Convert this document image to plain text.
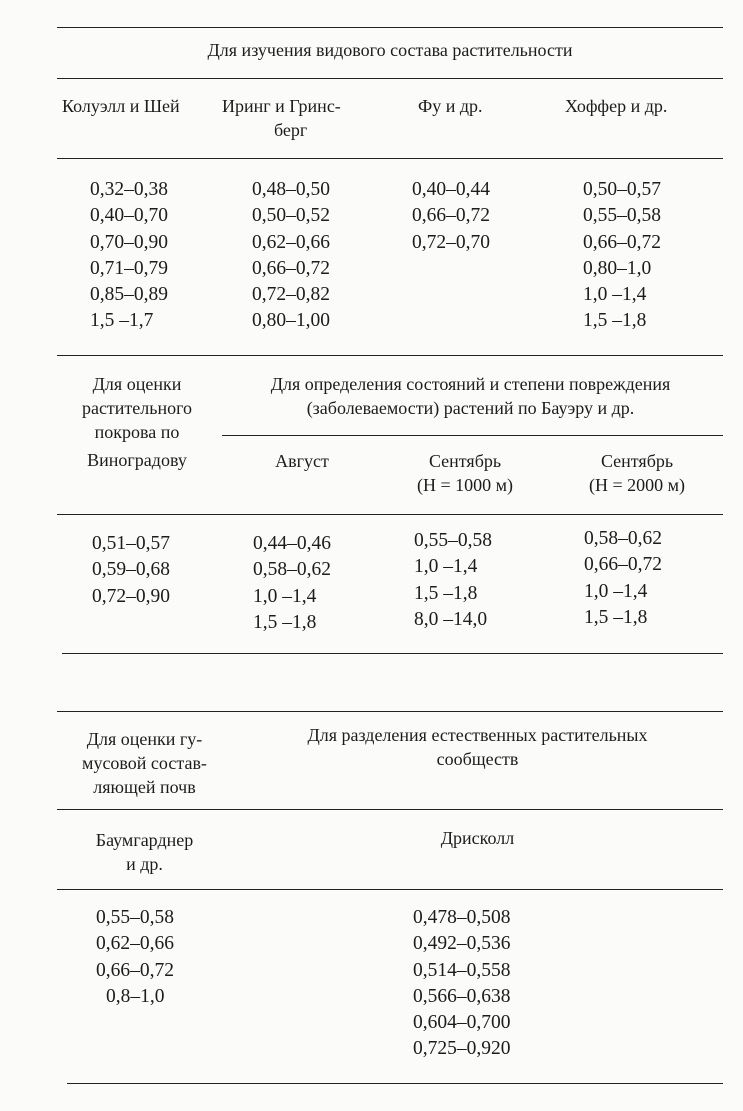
Для изучения видового состава растительности
Колуэлл и Шей Иринг и Гринс-
берг
Фу и др.	Хоффер и др.
0,32–0,38
0,40–0,70
0,70–0,90
0,71–0,79
0,85–0,89
1,5 –1,7
0,48–0,50
0,50–0,52
0,62–0,66
0,66–0,72
0,72–0,82
0,80–1,00
0,40–0,44
0,66–0,72
0,72–0,70
0,50–0,57
0,55–0,58
0,66–0,72
0,80–1,0
1,0 –1,4
1,5 –1,8
Для оценки
растительного
покрова по
Виноградову
Для определения состояний и степени повреждения
(заболеваемости) растений по Бауэру и др.
Август	Сентябрь
(Н = 1000 м)
Сентябрь
(Н = 2000 м)
0,51–0,57
0,59–0,68
0,72–0,90
0,44–0,46
0,58–0,62
1,0 –1,4
1,5 –1,8
0,55–0,58
1,0 –1,4
1,5 –1,8
8,0 –14,0
0,58–0,62
0,66–0,72
1,0 –1,4
1,5 –1,8
Для оценки гу-
мусовой состав-
ляющей почв
Для разделения естественных растительных
сообществ
Баумгарднер
и др.
Дрисколл
0,55–0,58
0,62–0,66
0,66–0,72
0,8–1,0
0,478–0,508
0,492–0,536
0,514–0,558
0,566–0,638
0,604–0,700
0,725–0,920
